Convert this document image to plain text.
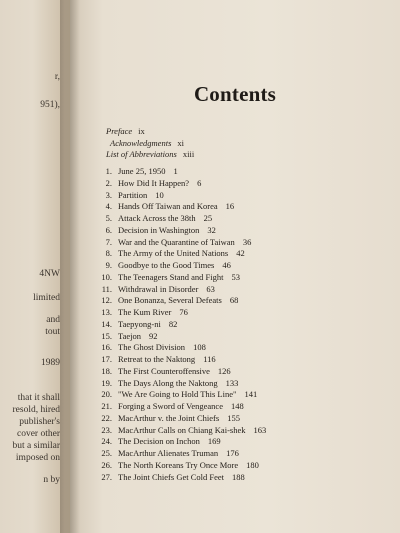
r,
951),
4NW
limited
and
tout
1989
that it shall
resold, hired
publisher's
cover other
but a similar
imposed on
n by
Contents
Preface ix
Acknowledgments xi
List of Abbreviations xiii
1. June 25, 1950 1
2. How Did It Happen? 6
3. Partition 10
4. Hands Off Taiwan and Korea 16
5. Attack Across the 38th 25
6. Decision in Washington 32
7. War and the Quarantine of Taiwan 36
8. The Army of the United Nations 42
9. Goodbye to the Good Times 46
10. The Teenagers Stand and Fight 53
11. Withdrawal in Disorder 63
12. One Bonanza, Several Defeats 68
13. The Kum River 76
14. Taepyong-ni 82
15. Taejon 92
16. The Ghost Division 108
17. Retreat to the Naktong 116
18. The First Counteroffensive 126
19. The Days Along the Naktong 133
20. "We Are Going to Hold This Line" 141
21. Forging a Sword of Vengeance 148
22. MacArthur v. the Joint Chiefs 155
23. MacArthur Calls on Chiang Kai-shek 163
24. The Decision on Inchon 169
25. MacArthur Alienates Truman 176
26. The North Koreans Try Once More 180
27. The Joint Chiefs Get Cold Feet 188
